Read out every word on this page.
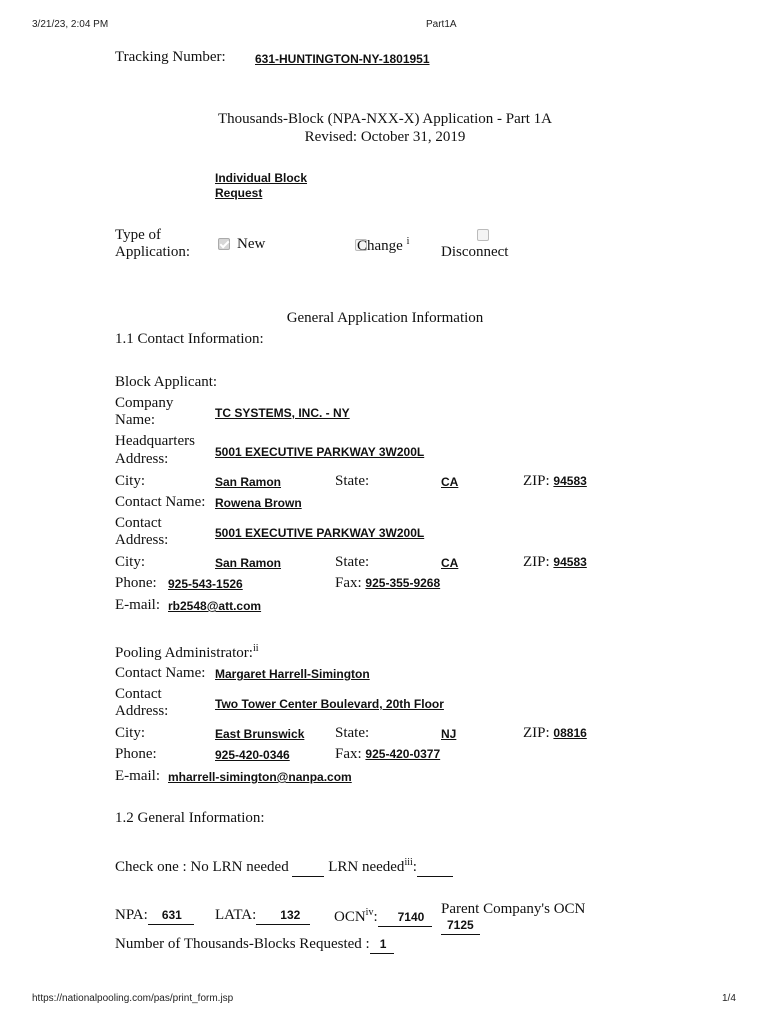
3/21/23, 2:04 PM	Part1A
Tracking Number: 631-HUNTINGTON-NY-1801951
Thousands-Block (NPA-NXX-X) Application - Part 1A
Revised: October 31, 2019
Individual Block
Request
Type of
Application:
	New
	Change $^i$
Disconnect
General Application Information
1.1 Contact Information:
Block Applicant:
Company
Name:	TC SYSTEMS, INC. - NY
Headquarters
Address:	5001 EXECUTIVE PARKWAY 3W200L
City:	San Ramon	State:	CA	ZIP: 94583
Contact Name: Rowena Brown
Contact
Address:	5001 EXECUTIVE PARKWAY 3W200L
City:	San Ramon	State:	CA	ZIP: 94583
Phone: 925-543-1526	Fax: 925-355-9268
E-mail: rb2548@att.com
Pooling Administrator:$^{ii}$
Contact Name: Margaret Harrell-Simington
Contact
Address:	Two Tower Center Boulevard, 20th Floor
City:	East Brunswick State:	NJ	ZIP: 08816
Phone:	925-420-0346	Fax: 925-420-0377
E-mail: mharrell-simington@nanpa.com
1.2 General Information:
Check one : No LRN needed	LRN needed$^{iii}$:
NPA: 631	LATA: 132	OCN$^{iv}$: 7140	Parent Company's OCN
7125
Number of Thousands-Blocks Requested : 1
https://nationalpooling.com/pas/print_form.jsp	1/4
